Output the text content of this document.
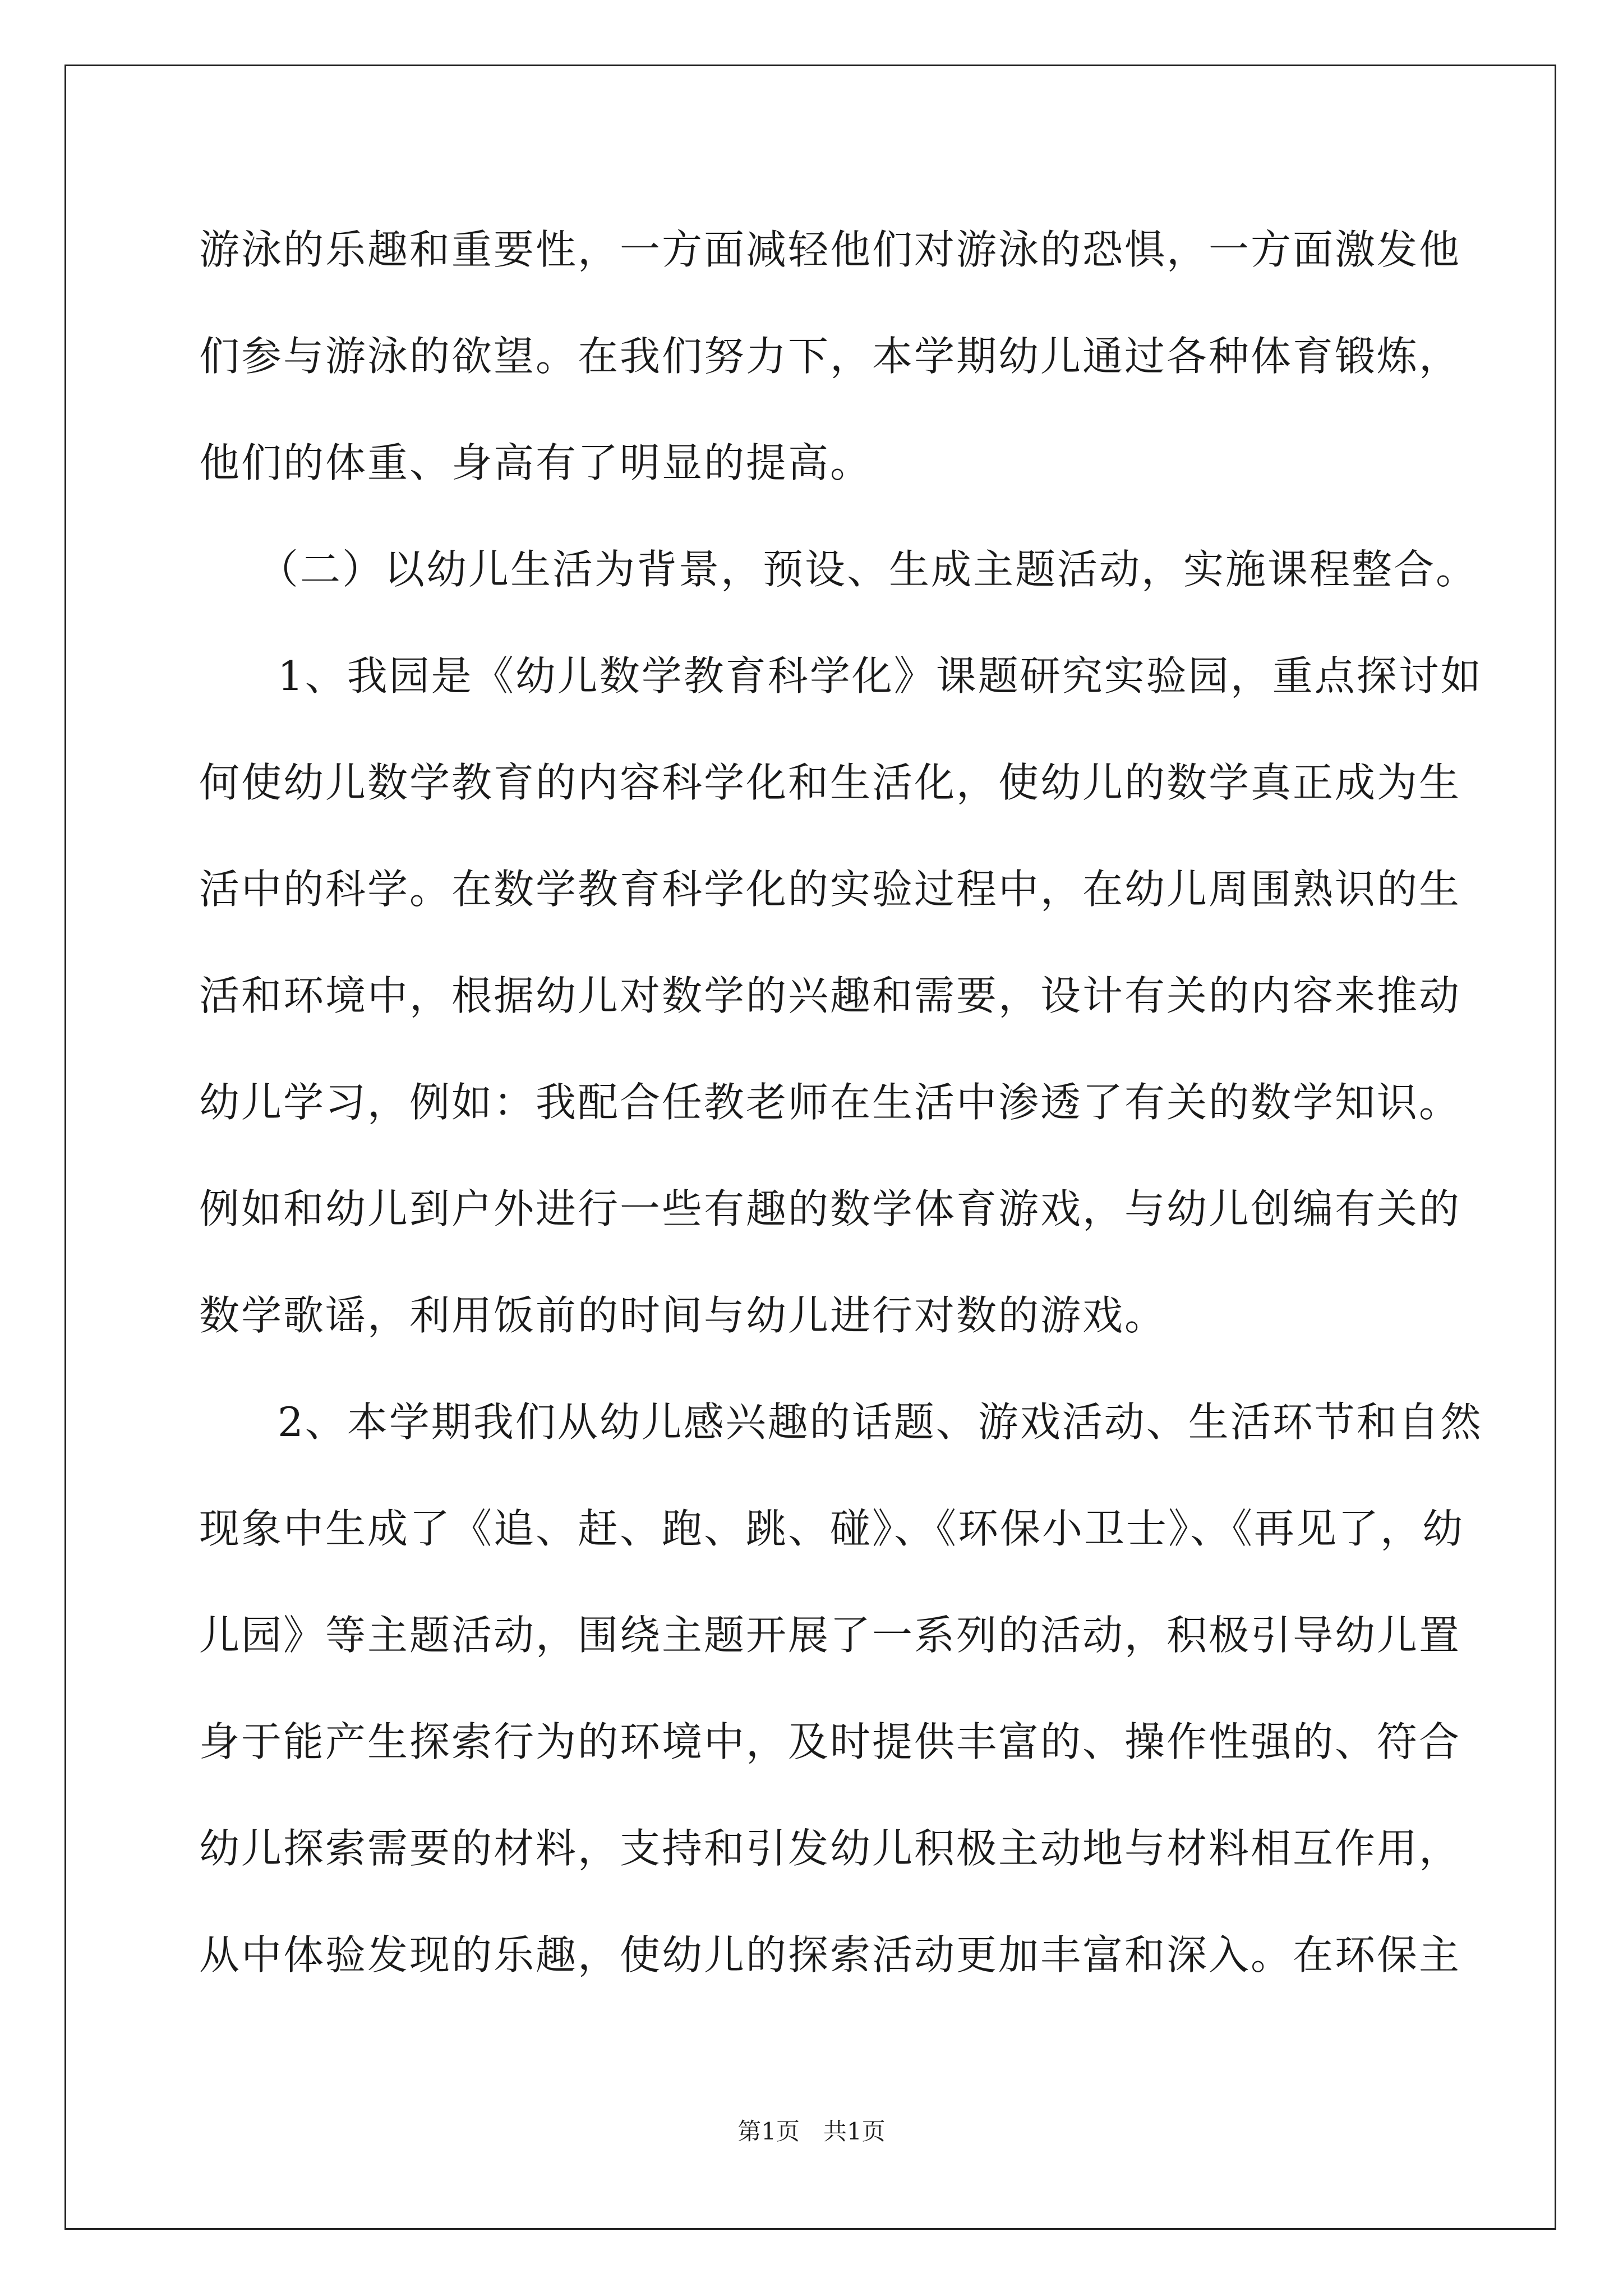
游泳的乐趣和重要性，一方面减轻他们对游泳的恐惧，一方面激发他
们参与游泳的欲望。在我们努力下，本学期幼儿通过各种体育锻炼，
他们的体重、身高有了明显的提高。
（二）以幼儿生活为背景，预设、生成主题活动，实施课程整合。
1、我园是《幼儿数学教育科学化》课题研究实验园，重点探讨如
何使幼儿数学教育的内容科学化和生活化，使幼儿的数学真正成为生
活中的科学。在数学教育科学化的实验过程中，在幼儿周围熟识的生
活和环境中，根据幼儿对数学的兴趣和需要，设计有关的内容来推动
幼儿学习，例如：我配合任教老师在生活中渗透了有关的数学知识。
例如和幼儿到户外进行一些有趣的数学体育游戏，与幼儿创编有关的
数学歌谣，利用饭前的时间与幼儿进行对数的游戏。
2、本学期我们从幼儿感兴趣的话题、游戏活动、生活环节和自然
现象中生成了《追、赶、跑、跳、碰》、《环保小卫士》、《再见了，幼
儿园》等主题活动，围绕主题开展了一系列的活动，积极引导幼儿置
身于能产生探索行为的环境中，及时提供丰富的、操作性强的、符合
幼儿探索需要的材料，支持和引发幼儿积极主动地与材料相互作用，
从中体验发现的乐趣，使幼儿的探索活动更加丰富和深入。在环保主
第1页　共1页
